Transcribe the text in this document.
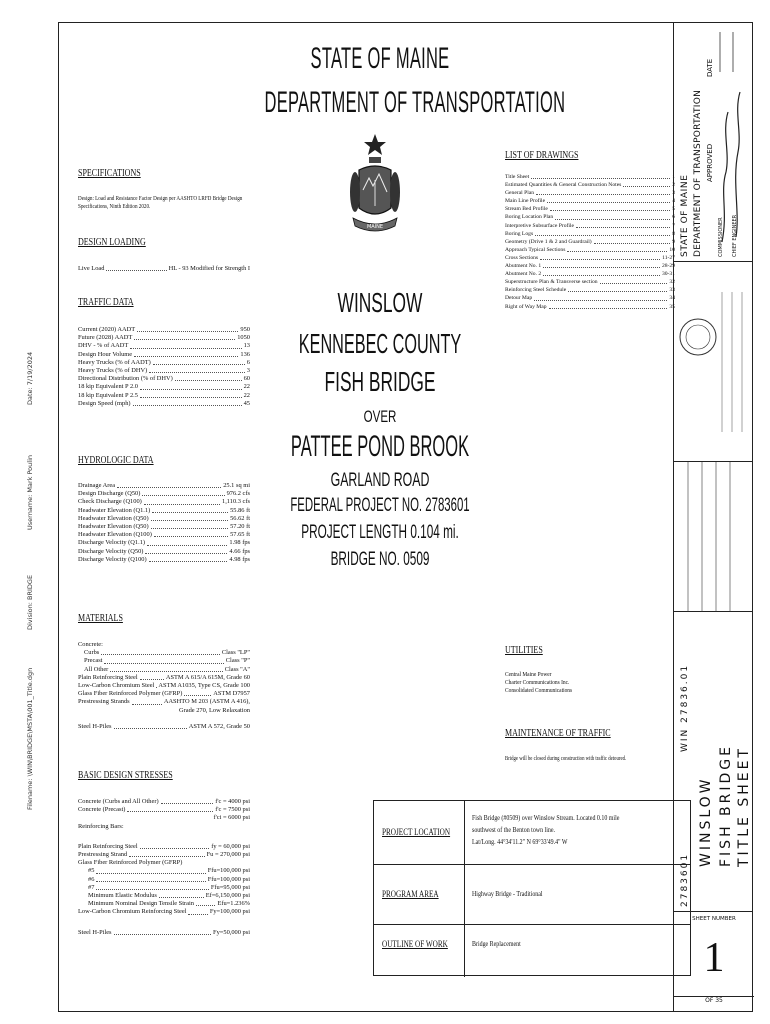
Filename: \WIN\BRIDGE\MSTA\001_Title.dgn
Division: BRIDGE
Username: Mark Poulin
Date: 7/19/2024
STATE OF MAINE
DEPARTMENT OF TRANSPORTATION
MAINE
WINSLOW
KENNEBEC COUNTY
FISH BRIDGE
OVER
PATTEE POND BROOK
GARLAND ROAD
FEDERAL PROJECT NO. 2783601
PROJECT LENGTH 0.104 mi.
BRIDGE NO. 0509
SPECIFICATIONS
Design: Load and Resistance Factor Design per AASHTO LRFD Bridge Design
Specifications, Ninth Edition 2020.
DESIGN LOADING
Live Load	HL - 93 Modified for Strength I
TRAFFIC DATA
Current (2020) AADT	950
Future (2028) AADT	1050
DHV - % of AADT	13
Design Hour Volume	136
Heavy Trucks (% of AADT)	6
Heavy Trucks (% of DHV)	3
Directional Distribution (% of DHV)	60
18 kip Equivalent P 2.0	22
18 kip Equivalent P 2.5	22
Design Speed (mph)	45
HYDROLOGIC DATA
Drainage Area	25.1 sq mi
Design Discharge (Q50)	976.2 cfs
Check Discharge (Q100)	1,110.3 cfs
Headwater Elevation (Q1.1)	55.86 ft
Headwater Elevation (Q50)	56.62 ft
Headwater Elevation (Q50)	57.20 ft
Headwater Elevation (Q100)	57.65 ft
Discharge Velocity (Q1.1)	1.98 fps
Discharge Velocity (Q50)	4.66 fps
Discharge Velocity (Q100)	4.98 fps
MATERIALS
Concrete:
Curbs	Class "LP"
Precast	Class "P"
All Other	Class "A"
Plain Reinforcing Steel	ASTM A 615/A 615M, Grade 60
Low-Carbon Chromium Steel ASTM A1035, Type CS, Grade 100
Glass Fiber Reinforced Polymer (GFRP)	ASTM D7957
Prestressing Strands	AASHTO M 203 (ASTM A 416),
Grade 270, Low Relaxation
Steel H-Piles	ASTM A 572, Grade 50
BASIC DESIGN STRESSES
Concrete (Curbs and All Other)	f'c = 4000 psi
Concrete (Precast)	f'c = 7500 psi
f'ci = 6000 psi
Reinforcing Bars:
Plain Reinforcing Steel	fy = 60,000 psi
Prestressing Strand	Fu = 270,000 psi
Glass Fiber Reinforced Polymer (GFRP)
#5	Ffu=100,000 psi
#6	Ffu=100,000 psi
#7	Ffu=95,000 psi
Minimum Elastic Modulus	Ef=6,150,000 psi
Minimum Nominal Design Tensile Strain	Efu=1.236%
Low-Carbon Chromium Reinforcing Steel	Fy=100,000 psi
Steel H-Piles	Fy=50,000 psi
LIST OF DRAWINGS
Title Sheet	1
Estimated Quantities & General Construction Notes	2
General Plan	3
Main Line Profile	4
Stream Bed Profile	5
Boring Location Plan	6
Interpretive Subsurface Profile	7
Boring Logs	8
Geometry (Drive 1 & 2 and Guardrail)	9
Approach Typical Sections	10
Cross Sections	11-27
Abutment No. 1	28-29
Abutment No. 2	30-31
Superstructure Plan & Transverse section	32
Reinforcing Steel Schedule	33
Detour Map	34
Right of Way Map	35
UTILITIES
Central Maine Power
Charter Communications Inc.
Consolidated Communications
MAINTENANCE OF TRAFFIC
Bridge will be closed during construction with traffic detoured.
PROJECT LOCATION
Fish Bridge (#0509) over Winslow Stream. Located 0.10 mile
southwest of the Benton town line.
Lat/Long. 44°34'11.2" N 69°33'49.4" W
PROGRAM AREA	Highway Bridge - Traditional
OUTLINE OF WORK	Bridge Replacement
STATE OF MAINE DEPARTMENT OF TRANSPORTATION APPROVED
COMMISSIONER CHIEF ENGINEER
DATE
WIN 27836.01
2783601
WINSLOW FISH BRIDGE TITLE SHEET
SHEET NUMBER
1
OF 35
